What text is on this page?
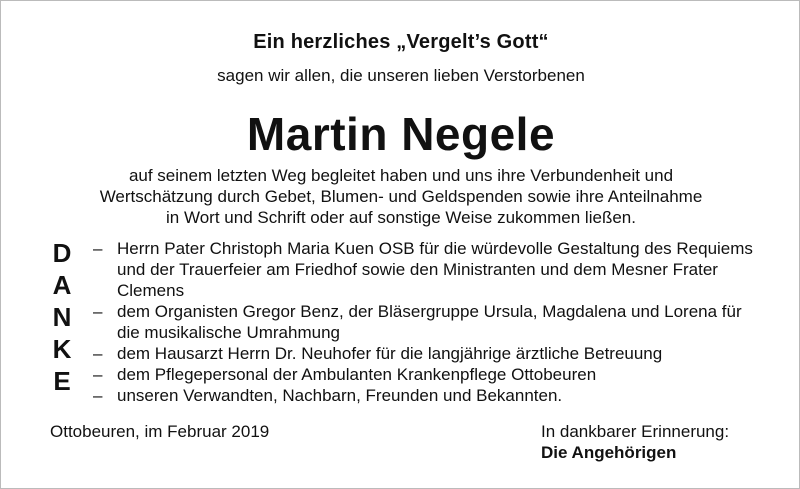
Ein herzliches „Vergelt’s Gott“
sagen wir allen, die unseren lieben Verstorbenen
Martin Negele
auf seinem letzten Weg begleitet haben und uns ihre Verbundenheit und
Wertschätzung durch Gebet, Blumen- und Geldspenden sowie ihre Anteilnahme
in Wort und Schrift oder auf sonstige Weise zukommen ließen.
D
A
N
K
E
– Herrn Pater Christoph Maria Kuen OSB für die würdevolle Gestaltung des Requiems und der Trauerfeier am Friedhof sowie den Ministranten und dem Mesner Frater Clemens
– dem Organisten Gregor Benz, der Bläsergruppe Ursula, Magdalena und Lorena für die musikalische Umrahmung
– dem Hausarzt Herrn Dr. Neuhofer für die langjährige ärztliche Betreuung
– dem Pflegepersonal der Ambulanten Krankenpflege Ottobeuren
– unseren Verwandten, Nachbarn, Freunden und Bekannten.
Ottobeuren, im Februar 2019	In dankbarer Erinnerung:
Die Angehörigen
